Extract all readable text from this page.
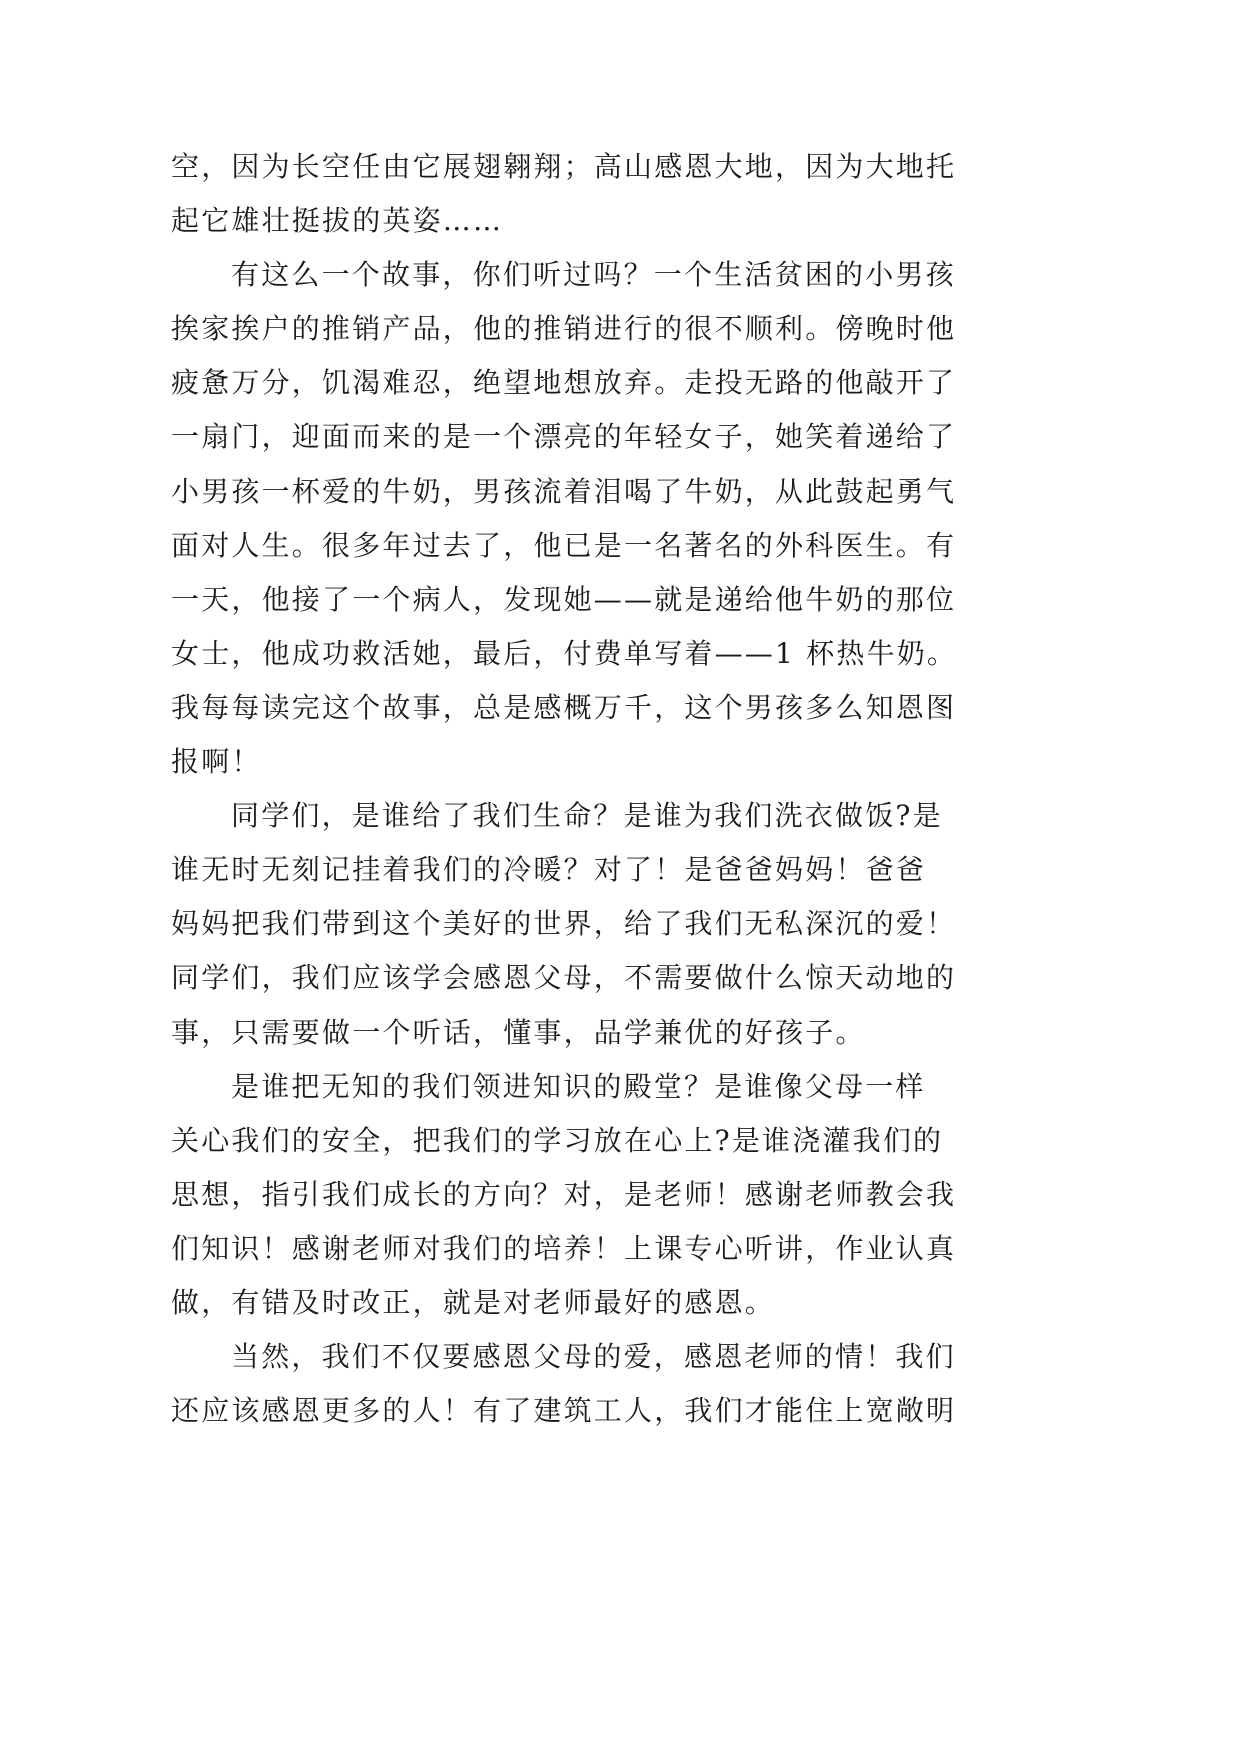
空，因为长空任由它展翅翱翔；高山感恩大地，因为大地托
起它雄壮挺拔的英姿……
有这么一个故事，你们听过吗？一个生活贫困的小男孩
挨家挨户的推销产品，他的推销进行的很不顺利。傍晚时他
疲惫万分，饥渴难忍，绝望地想放弃。走投无路的他敲开了
一扇门，迎面而来的是一个漂亮的年轻女子，她笑着递给了
小男孩一杯爱的牛奶，男孩流着泪喝了牛奶，从此鼓起勇气
面对人生。很多年过去了，他已是一名著名的外科医生。有
一天，他接了一个病人，发现她——就是递给他牛奶的那位
女士，他成功救活她，最后，付费单写着——1 杯热牛奶。
我每每读完这个故事，总是感概万千，这个男孩多么知恩图
报啊！
同学们，是谁给了我们生命？是谁为我们洗衣做饭?是
谁无时无刻记挂着我们的冷暖？对了！是爸爸妈妈！爸爸
妈妈把我们带到这个美好的世界，给了我们无私深沉的爱！
同学们，我们应该学会感恩父母，不需要做什么惊天动地的
事，只需要做一个听话，懂事，品学兼优的好孩子。
是谁把无知的我们领进知识的殿堂？是谁像父母一样
关心我们的安全，把我们的学习放在心上?是谁浇灌我们的
思想，指引我们成长的方向？对，是老师！感谢老师教会我
们知识！感谢老师对我们的培养！上课专心听讲，作业认真
做，有错及时改正，就是对老师最好的感恩。
当然，我们不仅要感恩父母的爱，感恩老师的情！我们
还应该感恩更多的人！有了建筑工人，我们才能住上宽敞明
